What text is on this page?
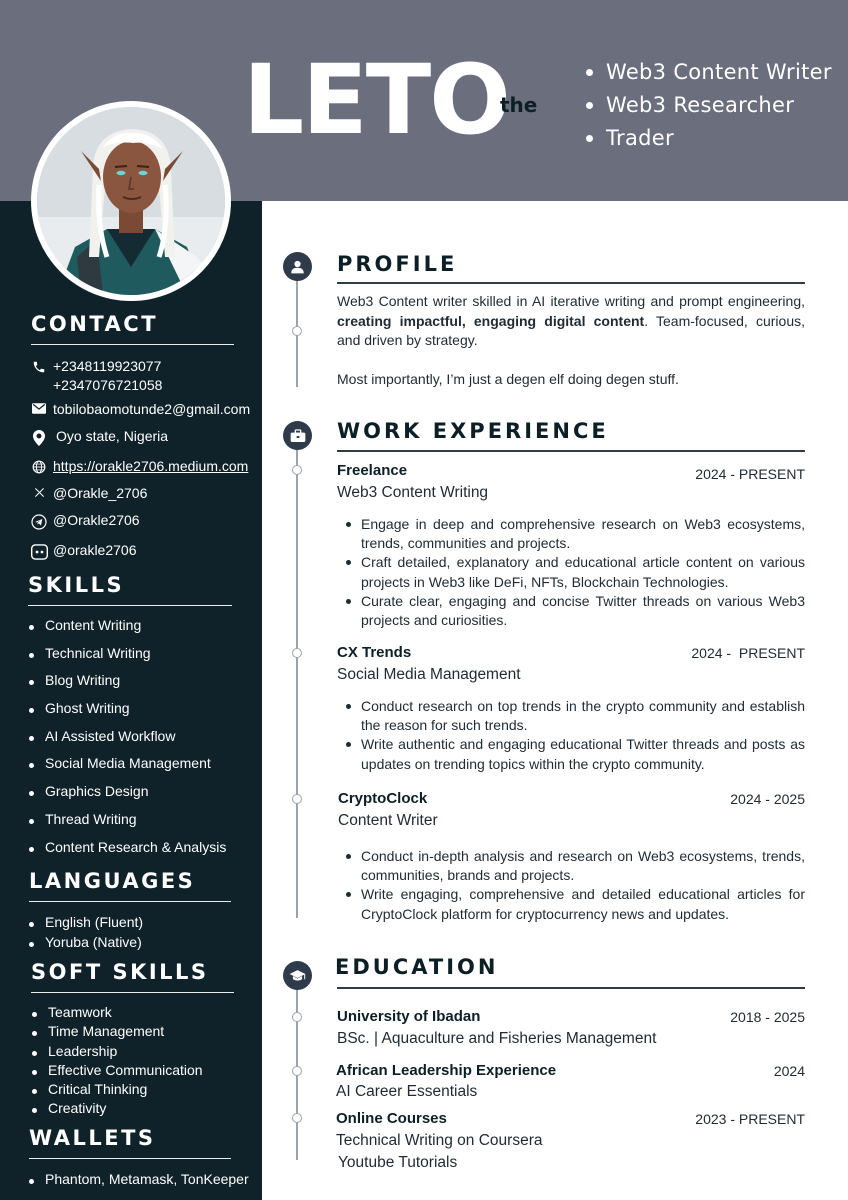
LETO
the
Web3 Content Writer
Web3 Researcher
Trader
CONTACT
+2348119923077
+2347076721058
tobilobaomotunde2@gmail.com
Oyo state, Nigeria
https://orakle2706.medium.com
@Orakle_2706
@Orakle2706
@orakle2706
SKILLS
Content Writing
Technical Writing
Blog Writing
Ghost Writing
AI Assisted Workflow
Social Media Management
Graphics Design
Thread Writing
Content Research & Analysis
LANGUAGES
English (Fluent)
Yoruba (Native)
SOFT SKILLS
Teamwork
Time Management
Leadership
Effective Communication
Critical Thinking
Creativity
WALLETS
Phantom, Metamask, TonKeeper
PROFILE
Web3 Content writer skilled in AI iterative writing and prompt engineering, creating impactful, engaging digital content. Team-focused, curious, and driven by strategy.
Most importantly, I’m just a degen elf doing degen stuff.
WORK EXPERIENCE
Freelance	2024 - PRESENT
Web3 Content Writing
Engage in deep and comprehensive research on Web3 ecosystems, trends, communities and projects.
Craft detailed, explanatory and educational article content on various projects in Web3 like DeFi, NFTs, Blockchain Technologies.
Curate clear, engaging and concise Twitter threads on various Web3 projects and curiosities.
CX Trends	2024 -  PRESENT
Social Media Management
Conduct research on top trends in the crypto community and establish the reason for such trends.
Write authentic and engaging educational Twitter threads and posts as updates on trending topics within the crypto community.
CryptoClock	2024 - 2025
Content Writer
Conduct in-depth analysis and research on Web3 ecosystems, trends, communities, brands and projects.
Write engaging, comprehensive and detailed educational articles for CryptoClock platform for cryptocurrency news and updates.
EDUCATION
University of Ibadan	2018 - 2025
BSc. | Aquaculture and Fisheries Management
African Leadership Experience	2024
AI Career Essentials
Online Courses	2023 - PRESENT
Technical Writing on Coursera
Youtube Tutorials
